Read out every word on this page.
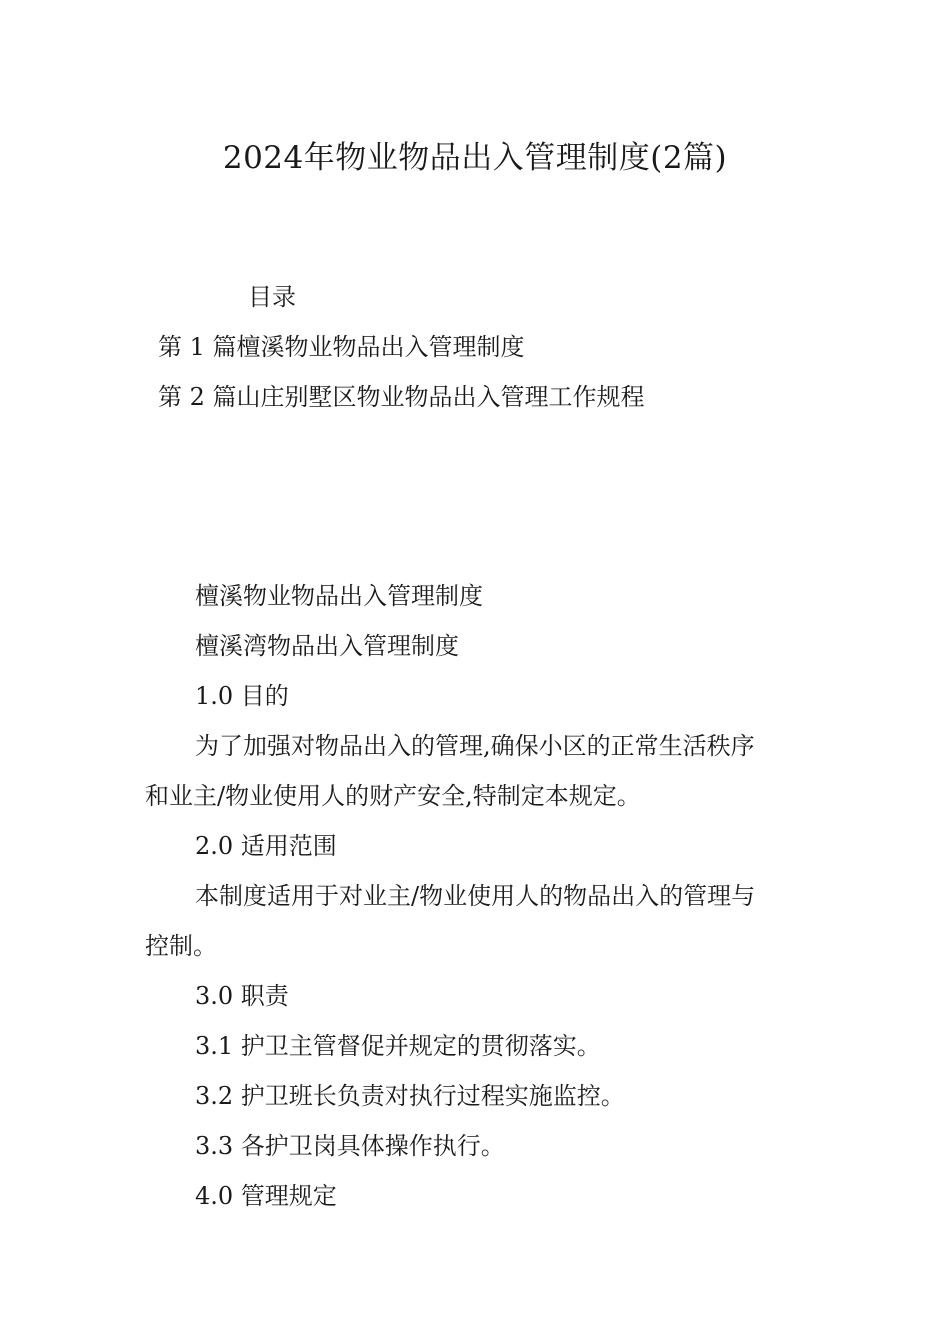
2024年物业物品出入管理制度(2篇)
目录
第 1 篇檀溪物业物品出入管理制度
第 2 篇山庄别墅区物业物品出入管理工作规程
檀溪物业物品出入管理制度
檀溪湾物品出入管理制度
1.0 目的
为了加强对物品出入的管理,确保小区的正常生活秩序
和业主/物业使用人的财产安全,特制定本规定。
2.0 适用范围
本制度适用于对业主/物业使用人的物品出入的管理与
控制。
3.0 职责
3.1 护卫主管督促并规定的贯彻落实。
3.2 护卫班长负责对执行过程实施监控。
3.3 各护卫岗具体操作执行。
4.0 管理规定
